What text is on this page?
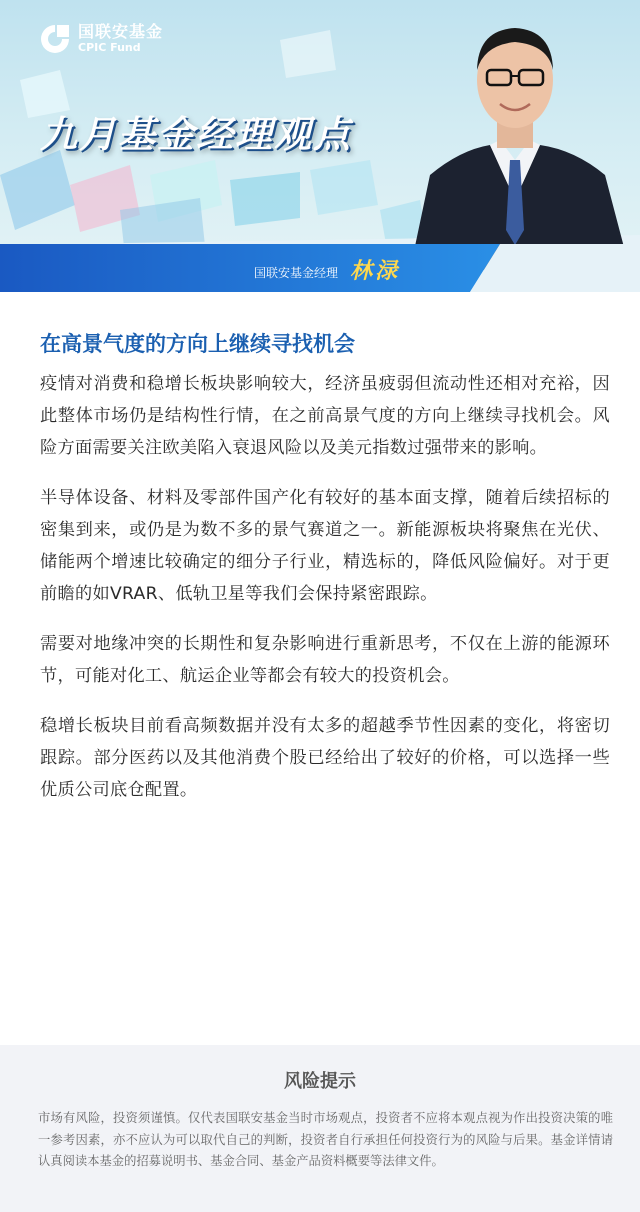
国联安基金
CPIC Fund
九月基金经理观点
国联安基金经理 林渌
在高景气度的方向上继续寻找机会

疫情对消费和稳增长板块影响较大，经济虽疲弱但流动性还相对充裕，因此整体市场仍是结构性行情，在之前高景气度的方向上继续寻找机会。风险方面需要关注欧美陷入衰退风险以及美元指数过强带来的影响。

半导体设备、材料及零部件国产化有较好的基本面支撑，随着后续招标的密集到来，或仍是为数不多的景气赛道之一。新能源板块将聚焦在光伏、储能两个增速比较确定的细分子行业，精选标的，降低风险偏好。对于更前瞻的如VRAR、低轨卫星等我们会保持紧密跟踪。

需要对地缘冲突的长期性和复杂影响进行重新思考，不仅在上游的能源环节，可能对化工、航运企业等都会有较大的投资机会。

稳增长板块目前看高频数据并没有太多的超越季节性因素的变化，将密切跟踪。部分医药以及其他消费个股已经给出了较好的价格，可以选择一些优质公司底仓配置。

风险提示
市场有风险，投资须谨慎。仅代表国联安基金当时市场观点，投资者不应将本观点视为作出投资决策的唯一参考因素，亦不应认为可以取代自己的判断，投资者自行承担任何投资行为的风险与后果。基金详情请认真阅读本基金的招募说明书、基金合同、基金产品资料概要等法律文件。
